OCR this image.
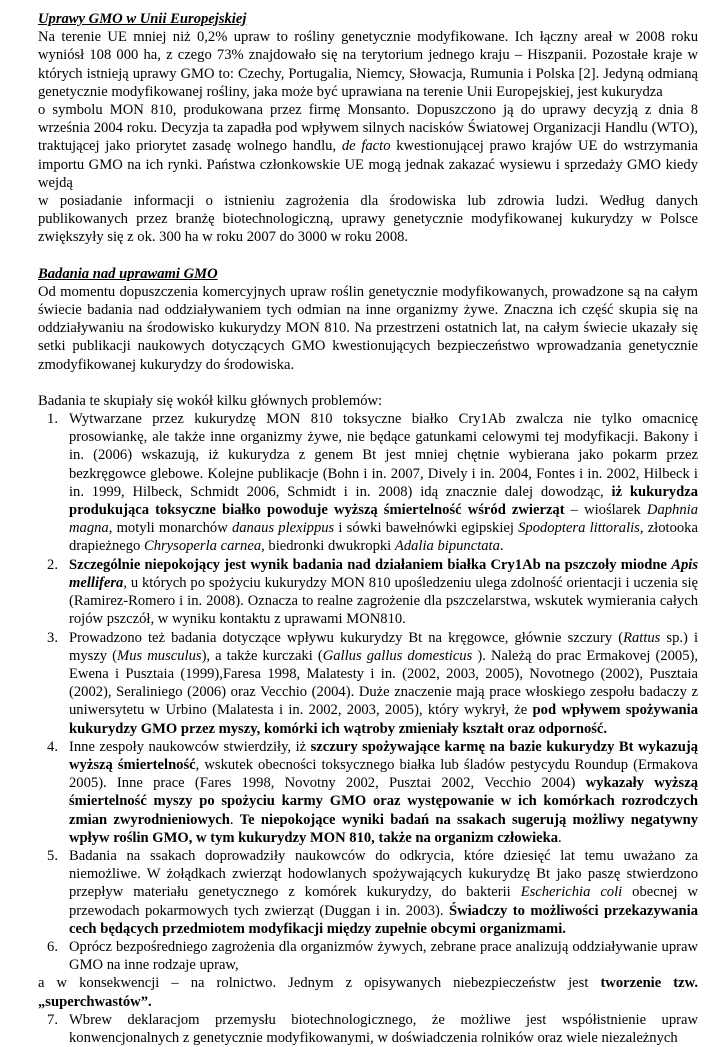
Uprawy GMO w Unii Europejskiej

Na terenie UE mniej niż 0,2% upraw to rośliny genetycznie modyfikowane. Ich łączny areał w 2008 roku wyniósł 108 000 ha, z czego 73% znajdowało się na terytorium jednego kraju – Hiszpanii. Pozostałe kraje w których istnieją uprawy GMO to: Czechy, Portugalia, Niemcy, Słowacja, Rumunia i Polska [2]. Jedyną odmianą genetycznie modyfikowanej rośliny, jaka może być uprawiana na terenie Unii Europejskiej, jest kukurydza

o symbolu MON 810, produkowana przez firmę Monsanto. Dopuszczono ją do uprawy decyzją z dnia 8 września 2004 roku. Decyzja ta zapadła pod wpływem silnych nacisków Światowej Organizacji Handlu (WTO), traktującej jako priorytet zasadę wolnego handlu, de facto kwestionującej prawo krajów UE do wstrzymania importu GMO na ich rynki. Państwa członkowskie UE mogą jednak zakazać wysiewu i sprzedaży GMO kiedy wejdą

w posiadanie informacji o istnieniu zagrożenia dla środowiska lub zdrowia ludzi. Według danych publikowanych przez branżę biotechnologiczną, uprawy genetycznie modyfikowanej kukurydzy w Polsce zwiększyły się z ok. 300 ha w roku 2007 do 3000 w roku 2008.

Badania nad uprawami GMO

Od momentu dopuszczenia komercyjnych upraw roślin genetycznie modyfikowanych, prowadzone są na całym świecie badania nad oddziaływaniem tych odmian na inne organizmy żywe. Znaczna ich część skupia się na oddziaływaniu na środowisko kukurydzy MON 810. Na przestrzeni ostatnich lat, na całym świecie ukazały się setki publikacji naukowych dotyczących GMO kwestionujących bezpieczeństwo wprowadzania genetycznie zmodyfikowanej kukurydzy do środowiska.

Badania te skupiały się wokół kilku głównych problemów:

1. Wytwarzane przez kukurydzę MON 810 toksyczne białko Cry1Ab zwalcza nie tylko omacnicę prosowiankę, ale także inne organizmy żywe, nie będące gatunkami celowymi tej modyfikacji. Bakony i in. (2006) wskazują, iż kukurydza z genem Bt jest mniej chętnie wybierana jako pokarm przez bezkręgowce glebowe. Kolejne publikacje (Bohn i in. 2007, Dively i in. 2004, Fontes i in. 2002, Hilbeck i in. 1999, Hilbeck, Schmidt 2006, Schmidt i in. 2008) idą znacznie dalej dowodząc, iż kukurydza produkująca toksyczne białko powoduje wyższą śmiertelność wśród zwierząt – wioślarek Daphnia magna, motyli monarchów danaus plexippus i sówki bawełnówki egipskiej Spodoptera littoralis, złotooka drapieżnego Chrysoperla carnea, biedronki dwukropki Adalia bipunctata.
2. Szczególnie niepokojący jest wynik badania nad działaniem białka Cry1Ab na pszczoły miodne Apis mellifera, u których po spożyciu kukurydzy MON 810 upośledzeniu ulega zdolność orientacji i uczenia się (Ramirez-Romero i in. 2008). Oznacza to realne zagrożenie dla pszczelarstwa, wskutek wymierania całych rojów pszczół, w wyniku kontaktu z uprawami MON810.
3. Prowadzono też badania dotyczące wpływu kukurydzy Bt na kręgowce, głównie szczury (Rattus sp.) i myszy (Mus musculus), a także kurczaki (Gallus gallus domesticus ). Należą do prac Ermakovej (2005), Ewena i Pusztaia (1999),Faresa 1998, Malatesty i in. (2002, 2003, 2005), Novotnego (2002), Pusztaia (2002), Seraliniego (2006) oraz Vecchio (2004). Duże znaczenie mają prace włoskiego zespołu badaczy z uniwersytetu w Urbino (Malatesta i in. 2002, 2003, 2005), który wykrył, że pod wpływem spożywania kukurydzy GMO przez myszy, komórki ich wątroby zmieniały kształt oraz odporność.
4. Inne zespoły naukowców stwierdziły, iż szczury spożywające karmę na bazie kukurydzy Bt wykazują wyższą śmiertelność, wskutek obecności toksycznego białka lub śladów pestycydu Roundup (Ermakova 2005). Inne prace (Fares 1998, Novotny 2002, Pusztai 2002, Vecchio 2004) wykazały wyższą śmiertelność myszy po spożyciu karmy GMO oraz występowanie w ich komórkach rozrodczych zmian zwyrodnieniowych. Te niepokojące wyniki badań na ssakach sugerują możliwy negatywny wpływ roślin GMO, w tym kukurydzy MON 810, także na organizm człowieka.
5. Badania na ssakach doprowadziły naukowców do odkrycia, które dziesięć lat temu uważano za niemożliwe. W żołądkach zwierząt hodowlanych spożywających kukurydzę Bt jako paszę stwierdzono przepływ materiału genetycznego z komórek kukurydzy, do bakterii Escherichia coli obecnej w przewodach pokarmowych tych zwierząt (Duggan i in. 2003). Świadczy to możliwości przekazywania cech będących przedmiotem modyfikacji między zupełnie obcymi organizmami.
6. Oprócz bezpośredniego zagrożenia dla organizmów żywych, zebrane prace analizują oddziaływanie upraw GMO na inne rodzaje upraw,

a w konsekwencji – na rolnictwo. Jednym z opisywanych niebezpieczeństw jest tworzenie tzw. „superchwastów”.

7. Wbrew deklaracjom przemysłu biotechnologicznego, że możliwe jest współistnienie upraw konwencjonalnych z genetycznie modyfikowanymi, w doświadczenia rolników oraz wiele niezależnych
